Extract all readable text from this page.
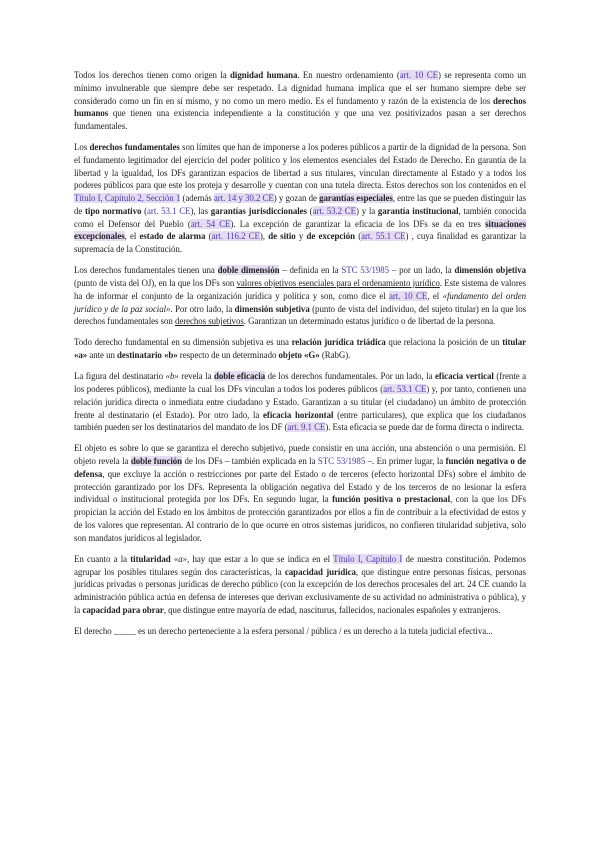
Todos los derechos tienen como origen la dignidad humana. En nuestro ordenamiento (art. 10 CE) se representa como un mínimo invulnerable que siempre debe ser respetado. La dignidad humana implica que el ser humano siempre debe ser considerado como un fin en sí mismo, y no como un mero medio. Es el fundamento y razón de la existencia de los derechos humanos que tienen una existencia independiente a la constitución y que una vez positivizados pasan a ser derechos fundamentales.

Los derechos fundamentales son límites que han de imponerse a los poderes públicos a partir de la dignidad de la persona. Son el fundamento legitimador del ejercicio del poder político y los elementos esenciales del Estado de Derecho. En garantía de la libertad y la igualdad, los DFs garantizan espacios de libertad a sus titulares, vinculan directamente al Estado y a todos los poderes públicos para que este los proteja y desarrolle y cuentan con una tutela directa. Estos derechos son los contenidos en el Título I, Capítulo 2, Sección 1 (además art. 14 y 30.2 CE) y gozan de garantías especiales, entre las que se pueden distinguir las de tipo normativo (art. 53.1 CE), las garantías jurisdiccionales (art. 53.2 CE) y la garantía institucional, también conocida como el Defensor del Pueblo (art. 54 CE). La excepción de garantizar la eficacia de los DFs se da en tres situaciones excepcionales, el estado de alarma (art. 116.2 CE), de sitio y de excepción (art. 55.1 CE) , cuya finalidad es garantizar la supremacía de la Constitución.

Los derechos fundamentales tienen una doble dimensión – definida en la STC 53/1985 – por un lado, la dimensión objetiva (punto de vista del OJ), en la que los DFs son valores objetivos esenciales para el ordenamiento jurídico. Este sistema de valores ha de informar el conjunto de la organización jurídica y política y son, como dice el art. 10 CE, el «fundamento del orden jurídico y de la paz social». Por otro lado, la dimensión subjetiva (punto de vista del individuo, del sujeto titular) en la que los derechos fundamentales son derechos subjetivos. Garantizan un determinado estatus jurídico o de libertad de la persona.

Todo derecho fundamental en su dimensión subjetiva es una relación jurídica triádica que relaciona la posición de un titular «a» ante un destinatario «b» respecto de un determinado objeto «G» (RabG).

La figura del destinatario «b» revela la doble eficacia de los derechos fundamentales. Por un lado, la eficacia vertical (frente a los poderes públicos), mediante la cual los DFs vinculan a todos los poderes públicos (art. 53.1 CE) y, por tanto, contienen una relación jurídica directa o inmediata entre ciudadano y Estado. Garantizan a su titular (el ciudadano) un ámbito de protección frente al destinatario (el Estado). Por otro lado, la eficacia horizontal (entre particulares), que explica que los ciudadanos también pueden ser los destinatarios del mandato de los DF (art. 9.1 CE). Esta eficacia se puede dar de forma directa o indirecta.

El objeto es sobre lo que se garantiza el derecho subjetivo, puede consistir en una acción, una abstención o una permisión. El objeto revela la doble función de los DFs – también explicada en la STC 53/1985 –. En primer lugar, la función negativa o de defensa, que excluye la acción o restricciones por parte del Estado o de terceros (efecto horizontal DFs) sobre el ámbito de protección garantizado por los DFs. Representa la obligación negativa del Estado y de los terceros de no lesionar la esfera individual o institucional protegida por los DFs. En segundo lugar, la función positiva o prestacional, con la que los DFs propician la acción del Estado en los ámbitos de protección garantizados por ellos a fin de contribuir a la efectividad de estos y de los valores que representan. Al contrario de lo que ocurre en otros sistemas jurídicos, no confieren titularidad subjetiva, solo son mandatos jurídicos al legislador.

En cuanto a la titularidad «a», hay que estar a lo que se indica en el Título I, Capítulo I de nuestra constitución. Podemos agrupar los posibles titulares según dos características, la capacidad jurídica, que distingue entre personas físicas, personas jurídicas privadas o personas jurídicas de derecho público (con la excepción de los derechos procesales del art. 24 CE cuando la administración pública actúa en defensa de intereses que derivan exclusivamente de su actividad no administrativa o pública), y la capacidad para obrar, que distingue entre mayoría de edad, nasciturus, fallecidos, nacionales españoles y extranjeros.

El derecho _____ es un derecho perteneciente a la esfera personal / pública / es un derecho a la tutela judicial efectiva...
